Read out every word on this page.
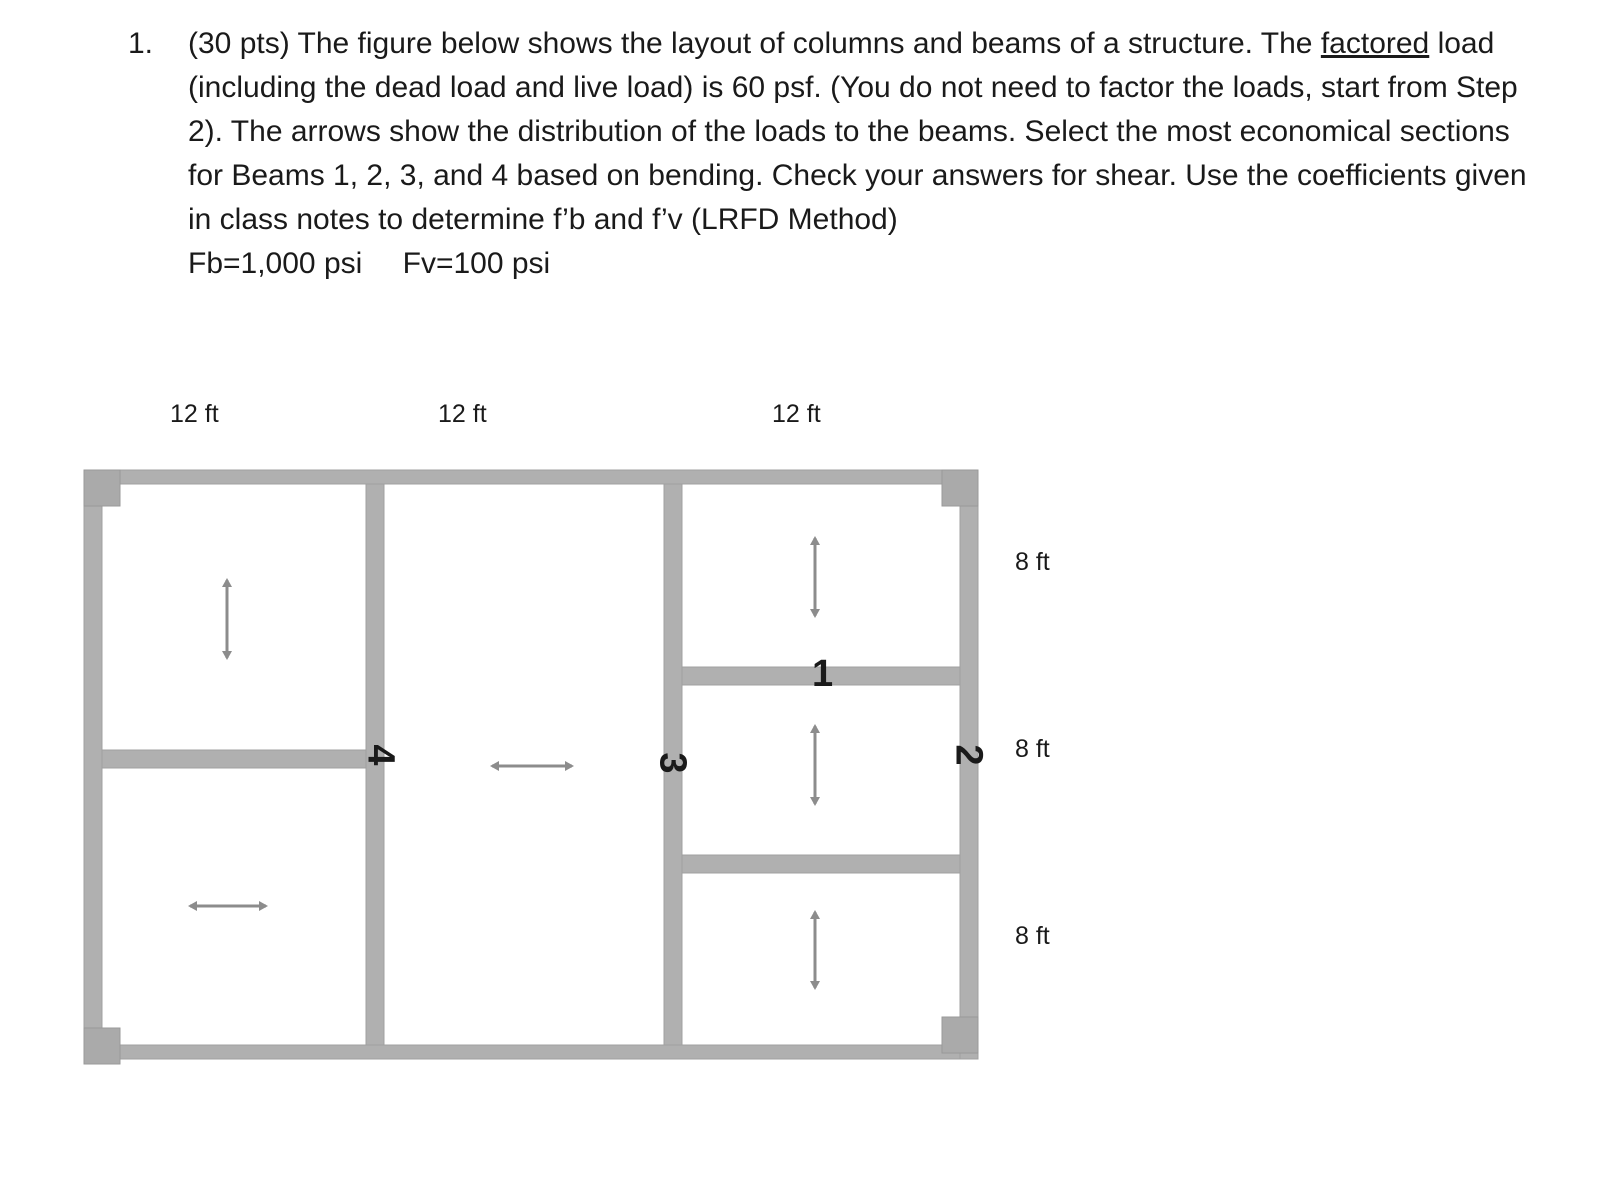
1. (30 pts) The figure below shows the layout of columns and beams of a structure. The factored load (including the dead load and live load) is 60 psf. (You do not need to factor the loads, start from Step 2). The arrows show the distribution of the loads to the beams. Select the most economical sections for Beams 1, 2, 3, and 4 based on bending. Check your answers for shear. Use the coefficients given in class notes to determine f’b and f’v (LRFD Method)
Fb=1,000 psi Fv=100 psi
12 ft	12 ft	12 ft
8 ft
8 ft
8 ft
1
2
3
4
